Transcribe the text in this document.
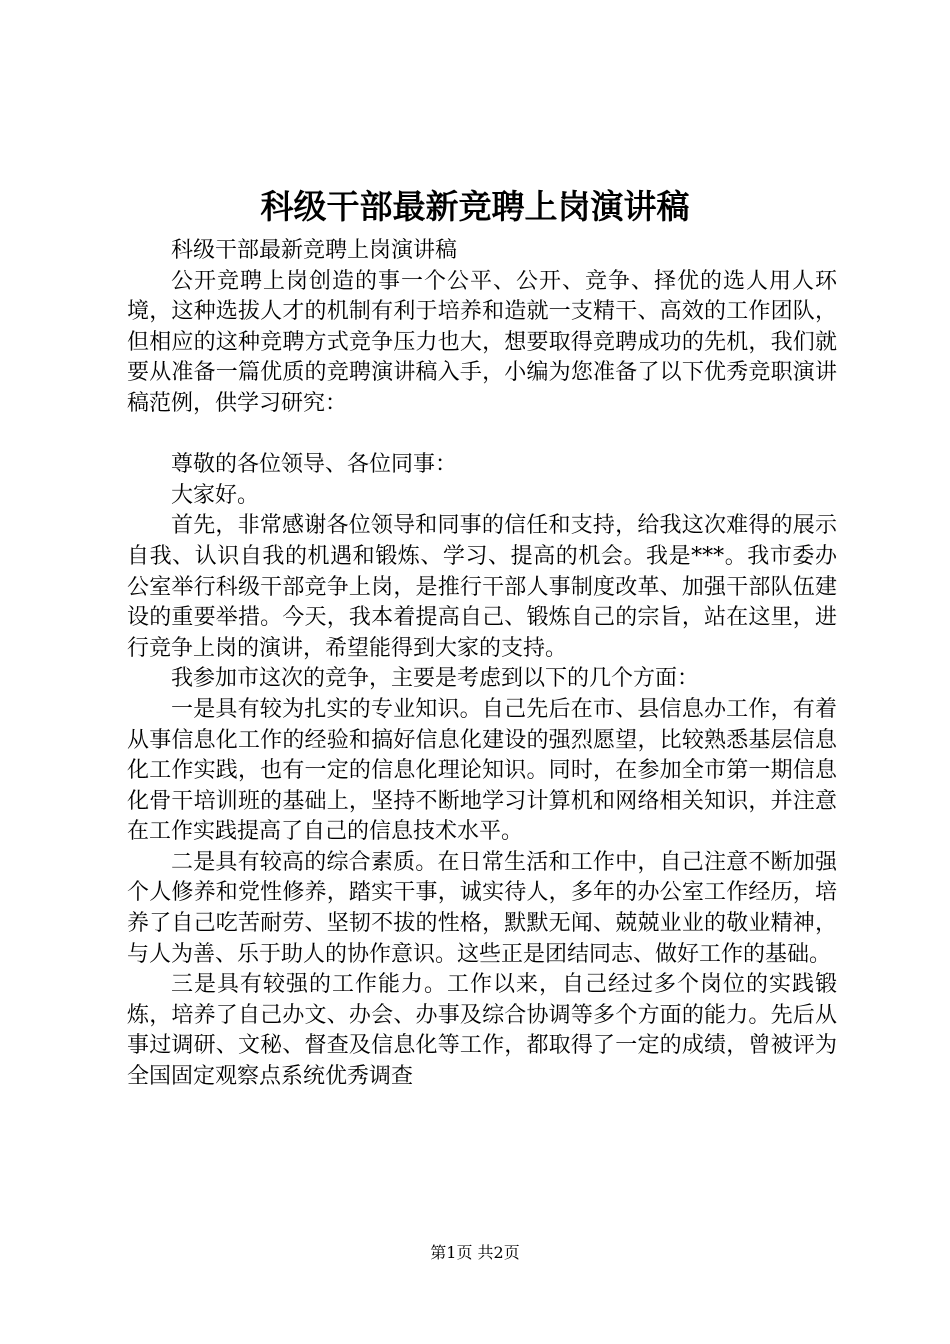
科级干部最新竞聘上岗演讲稿

科级干部最新竞聘上岗演讲稿

公开竞聘上岗创造的事一个公平、公开、竞争、择优的选人用人环境，这种选拔人才的机制有利于培养和造就一支精干、高效的工作团队，但相应的这种竞聘方式竞争压力也大，想要取得竞聘成功的先机，我们就要从准备一篇优质的竞聘演讲稿入手，小编为您准备了以下优秀竞职演讲稿范例，供学习研究：

尊敬的各位领导、各位同事：

大家好。

首先，非常感谢各位领导和同事的信任和支持，给我这次难得的展示自我、认识自我的机遇和锻炼、学习、提高的机会。我是***。我市委办公室举行科级干部竞争上岗，是推行干部人事制度改革、加强干部队伍建设的重要举措。今天，我本着提高自己、锻炼自己的宗旨，站在这里，进行竞争上岗的演讲，希望能得到大家的支持。

我参加市这次的竞争，主要是考虑到以下的几个方面：

一是具有较为扎实的专业知识。自己先后在市、县信息办工作，有着从事信息化工作的经验和搞好信息化建设的强烈愿望，比较熟悉基层信息化工作实践，也有一定的信息化理论知识。同时，在参加全市第一期信息化骨干培训班的基础上，坚持不断地学习计算机和网络相关知识，并注意在工作实践提高了自己的信息技术水平。

二是具有较高的综合素质。在日常生活和工作中，自己注意不断加强个人修养和党性修养，踏实干事，诚实待人，多年的办公室工作经历，培养了自己吃苦耐劳、坚韧不拔的性格，默默无闻、兢兢业业的敬业精神，与人为善、乐于助人的协作意识。这些正是团结同志、做好工作的基础。

三是具有较强的工作能力。工作以来，自己经过多个岗位的实践锻炼，培养了自己办文、办会、办事及综合协调等多个方面的能力。先后从事过调研、文秘、督查及信息化等工作，都取得了一定的成绩，曾被评为全国固定观察点系统优秀调查

第1页 共2页
